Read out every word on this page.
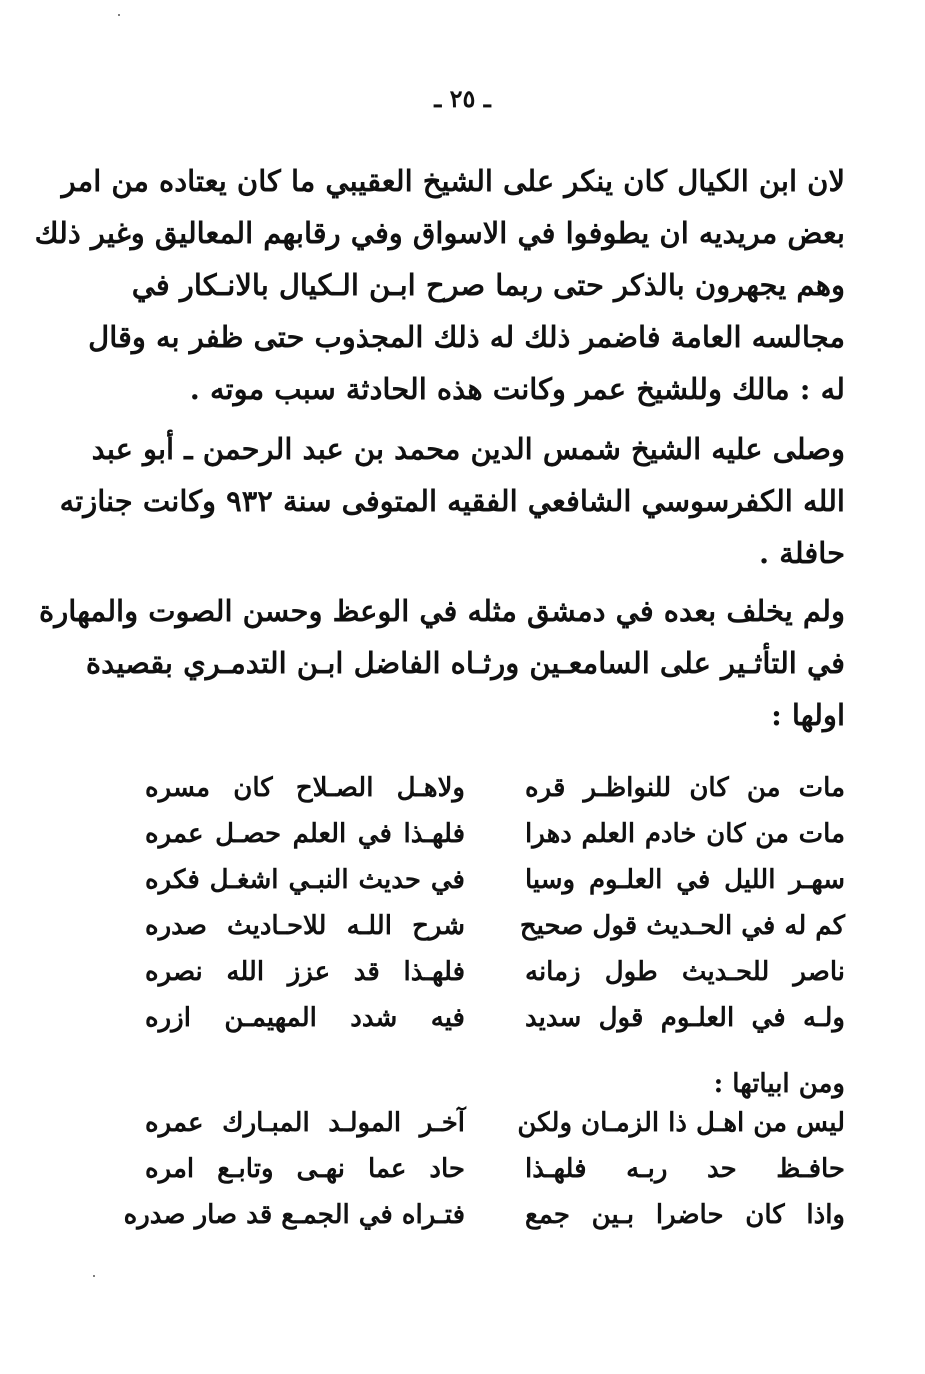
ـ ٢٥ ـ
لان ابن الكيال كان ينكر على الشيخ العقيبي ما كان يعتاده من امر
بعض مريديه ان يطوفوا في الاسواق وفي رقابهم المعاليق وغير ذلك
وهم يجهرون بالذكر حتى ربما صرح ابـن الـكيال بالانـكار في
مجالسه العامة فاضمر ذلك له ذلك المجذوب حتى ظفر به وقال
له : مالك وللشيخ عمر وكانت هذه الحادثة سبب موته .
وصلى عليه الشيخ شمس الدين محمد بن عبد الرحمن ـ أبو عبد
الله الكفرسوسي الشافعي الفقيه المتوفى سنة ٩٣٢ وكانت جنازته
حافلة .
ولم يخلف بعده في دمشق مثله في الوعظ وحسن الصوت والمهارة
في التأثـير على السامعـين ورثـاه الفاضل ابـن التدمـري بقصيدة
اولها :
مات من كان للنواظـر قره
ولاهـل الصـلاح كان مسره
مات من كان خادم العلم دهرا
فلهـذا في العلم حصـل عمره
سهـر الليل في العلـوم وسيا
في حديث النبـي اشغـل فكره
كم له في الحـديث قول صحيح
شرح اللـه للاحـاديث صدره
ناصر للحـديث طول زمانه
فلهـذا قد عزز الله نصره
ولـه في العلـوم قول سديد
فيه شدد المهيمـن ازره
ومن ابياتها :
ليس من اهـل ذا الزمـان ولكن
آخـر المولـد المبـارك عمره
حافـظ حد ربـه فلهـذا
حاد عما نهـى وتابـع امره
واذا كان حاضرا بـين جمع
فتـراه في الجمـع قد صار صدره
